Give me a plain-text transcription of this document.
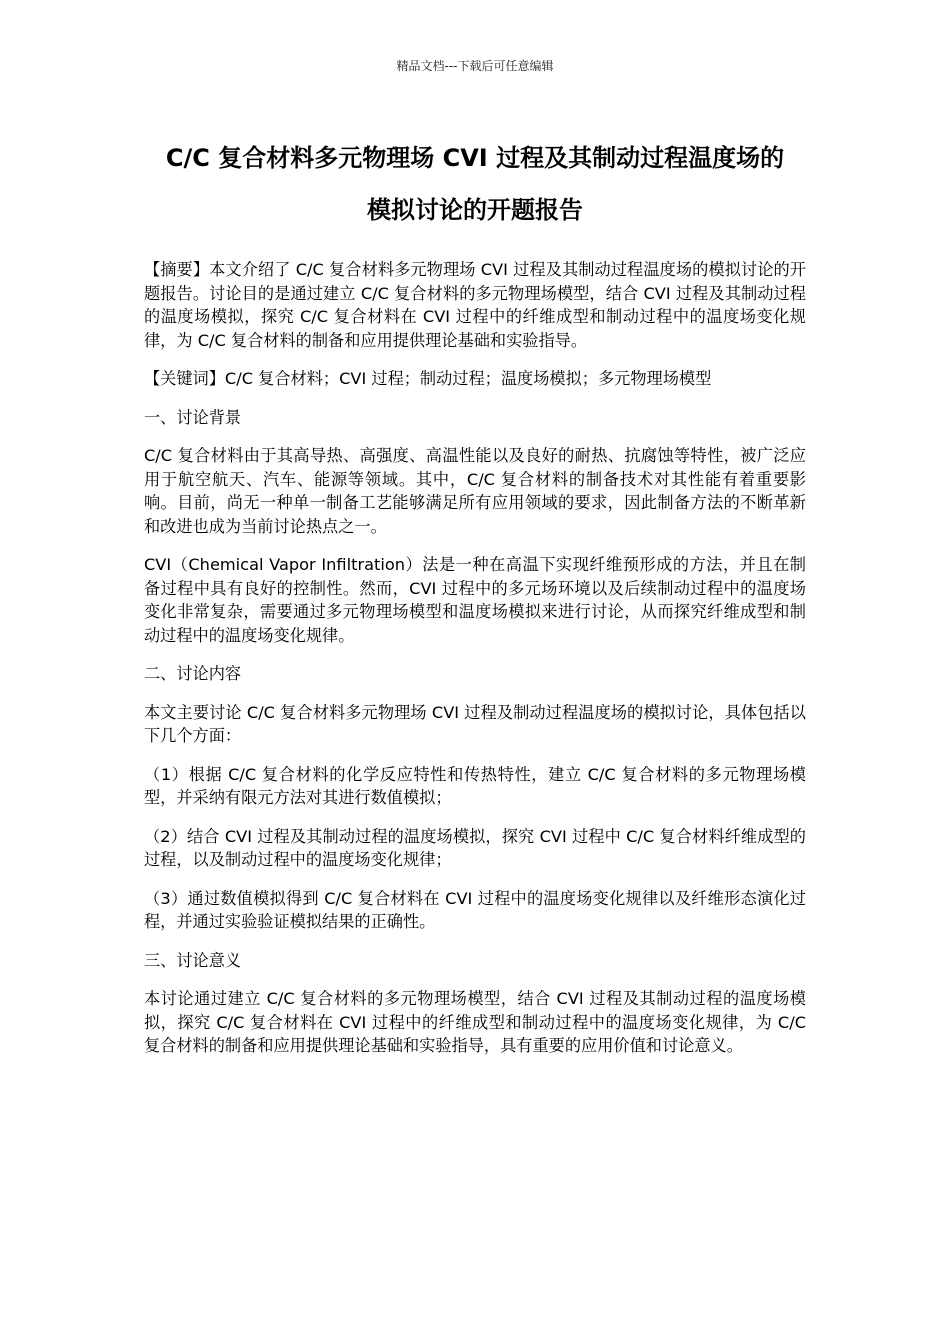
精品文档---下载后可任意编辑
C/C 复合材料多元物理场 CVI 过程及其制动过程温度场的
模拟讨论的开题报告

【摘要】本文介绍了 C/C 复合材料多元物理场 CVI 过程及其制动过程温度场的模拟讨论的开题报告。讨论目的是通过建立 C/C 复合材料的多元物理场模型，结合 CVI 过程及其制动过程的温度场模拟，探究 C/C 复合材料在 CVI 过程中的纤维成型和制动过程中的温度场变化规律，为 C/C 复合材料的制备和应用提供理论基础和实验指导。

【关键词】C/C 复合材料；CVI 过程；制动过程；温度场模拟；多元物理场模型

一、讨论背景

C/C 复合材料由于其高导热、高强度、高温性能以及良好的耐热、抗腐蚀等特性，被广泛应用于航空航天、汽车、能源等领域。其中，C/C 复合材料的制备技术对其性能有着重要影响。目前，尚无一种单一制备工艺能够满足所有应用领域的要求，因此制备方法的不断革新和改进也成为当前讨论热点之一。

CVI（Chemical Vapor Infiltration）法是一种在高温下实现纤维预形成的方法，并且在制备过程中具有良好的控制性。然而，CVI 过程中的多元场环境以及后续制动过程中的温度场变化非常复杂，需要通过多元物理场模型和温度场模拟来进行讨论，从而探究纤维成型和制动过程中的温度场变化规律。

二、讨论内容

本文主要讨论 C/C 复合材料多元物理场 CVI 过程及制动过程温度场的模拟讨论，具体包括以下几个方面：

（1）根据 C/C 复合材料的化学反应特性和传热特性，建立 C/C 复合材料的多元物理场模型，并采纳有限元方法对其进行数值模拟；

（2）结合 CVI 过程及其制动过程的温度场模拟，探究 CVI 过程中 C/C 复合材料纤维成型的过程，以及制动过程中的温度场变化规律；

（3）通过数值模拟得到 C/C 复合材料在 CVI 过程中的温度场变化规律以及纤维形态演化过程，并通过实验验证模拟结果的正确性。

三、讨论意义

本讨论通过建立 C/C 复合材料的多元物理场模型，结合 CVI 过程及其制动过程的温度场模拟，探究 C/C 复合材料在 CVI 过程中的纤维成型和制动过程中的温度场变化规律，为 C/C 复合材料的制备和应用提供理论基础和实验指导，具有重要的应用价值和讨论意义。
